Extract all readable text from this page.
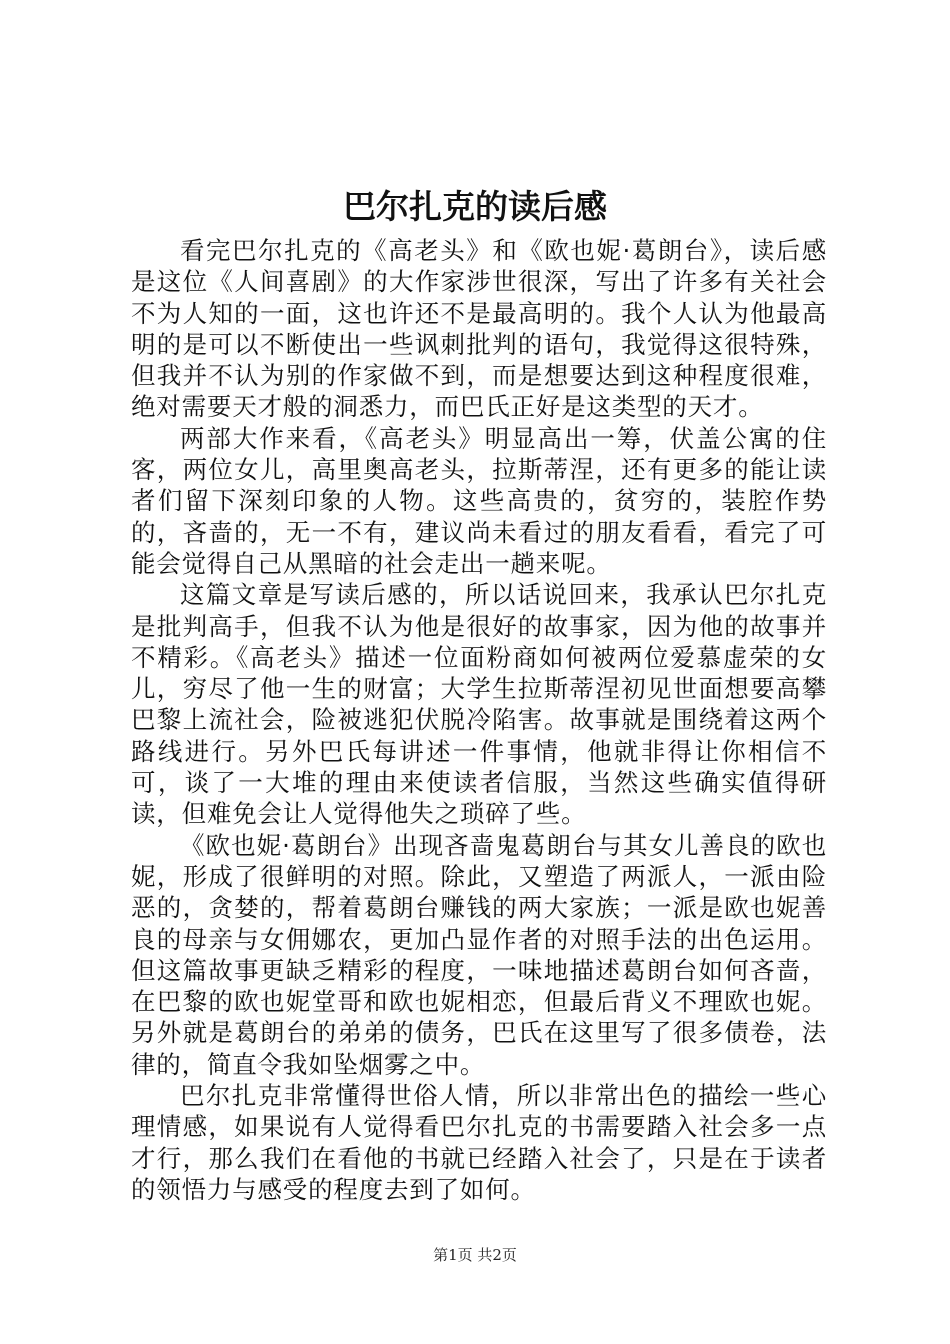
巴尔扎克的读后感

看完巴尔扎克的《高老头》和《欧也妮·葛朗台》，读后感是这位《人间喜剧》的大作家涉世很深，写出了许多有关社会不为人知的一面，这也许还不是最高明的。我个人认为他最高明的是可以不断使出一些讽刺批判的语句，我觉得这很特殊，但我并不认为别的作家做不到，而是想要达到这种程度很难，绝对需要天才般的洞悉力，而巴氏正好是这类型的天才。

两部大作来看，《高老头》明显高出一筹，伏盖公寓的住客，两位女儿，高里奥高老头，拉斯蒂涅，还有更多的能让读者们留下深刻印象的人物。这些高贵的，贫穷的，装腔作势的，吝啬的，无一不有，建议尚未看过的朋友看看，看完了可能会觉得自己从黑暗的社会走出一趟来呢。

这篇文章是写读后感的，所以话说回来，我承认巴尔扎克是批判高手，但我不认为他是很好的故事家，因为他的故事并不精彩。《高老头》描述一位面粉商如何被两位爱慕虚荣的女儿，穷尽了他一生的财富；大学生拉斯蒂涅初见世面想要高攀巴黎上流社会，险被逃犯伏脱冷陷害。故事就是围绕着这两个路线进行。另外巴氏每讲述一件事情，他就非得让你相信不可，谈了一大堆的理由来使读者信服，当然这些确实值得研读，但难免会让人觉得他失之琐碎了些。

《欧也妮·葛朗台》出现吝啬鬼葛朗台与其女儿善良的欧也妮，形成了很鲜明的对照。除此，又塑造了两派人，一派由险恶的，贪婪的，帮着葛朗台赚钱的两大家族；一派是欧也妮善良的母亲与女佣娜农，更加凸显作者的对照手法的出色运用。但这篇故事更缺乏精彩的程度，一味地描述葛朗台如何吝啬，在巴黎的欧也妮堂哥和欧也妮相恋，但最后背义不理欧也妮。另外就是葛朗台的弟弟的债务，巴氏在这里写了很多债卷，法律的，简直令我如坠烟雾之中。

巴尔扎克非常懂得世俗人情，所以非常出色的描绘一些心理情感，如果说有人觉得看巴尔扎克的书需要踏入社会多一点才行，那么我们在看他的书就已经踏入社会了，只是在于读者的领悟力与感受的程度去到了如何。

第1页 共2页
